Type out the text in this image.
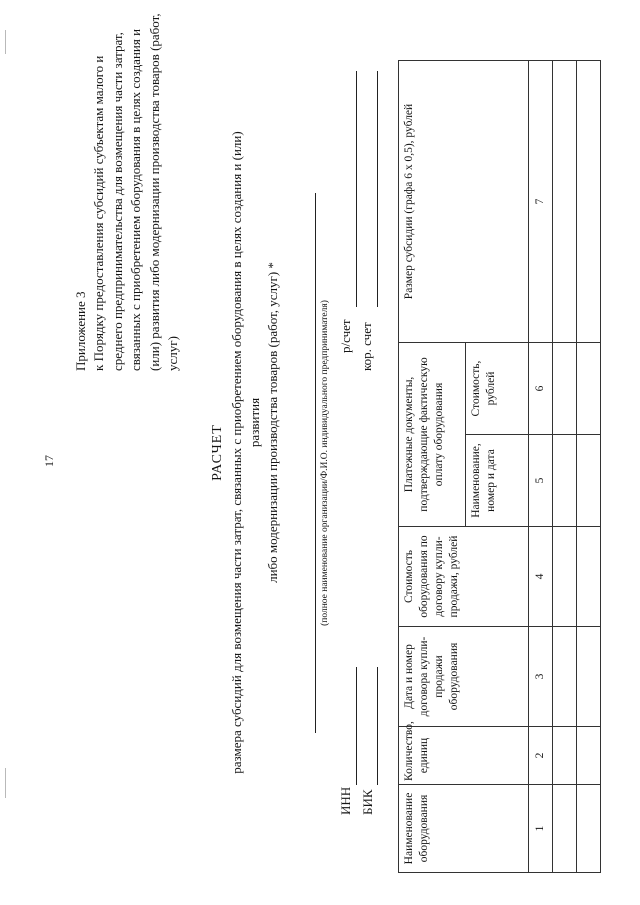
17
Приложение 3 к Порядку предоставления субсидий субъектам малого и среднего предпринимательства для возмещения части затрат, связанных с приобретением оборудования в целях создания и (или) развития либо модернизации производства товаров (работ, услуг)
РАСЧЕТ размера субсидий для возмещения части затрат, связанных с приобретением оборудования в целях создания и (или) развития либо модернизации производства товаров (работ, услуг) *	(полное наименование организации/Ф.И.О. индивидуального предпринимателя)
ИНН БИК
р/счет кор. счет
Наименование оборудования	Количество, единиц	Дата и номер договора купли-продажи оборудования	Стоимость оборудования по договору купли-продажи, рублей	Платежные документы, подтверждающие фактическую оплату оборудования		Размер субсидии (графа 6 х 0,5), рублей
				Наименование, номер и дата	Стоимость, рублей	
1	2	3	4	5	6	7
